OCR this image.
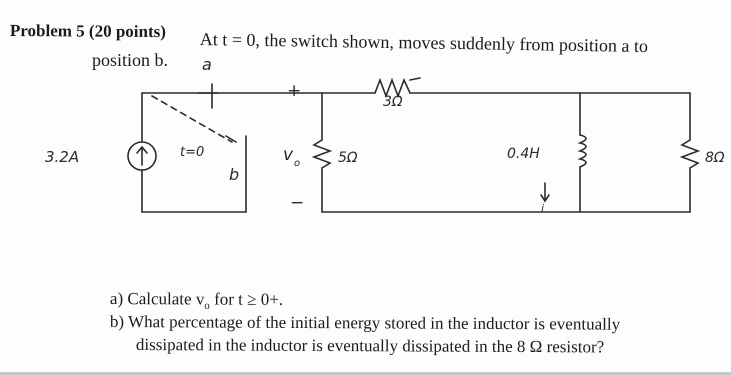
Problem 5 (20 points) At t = 0, the switch shown, moves suddenly from position a to
position b. a
b
3.2A	t=0
+
−
v o
3Ω
5Ω	0.4H
i
8Ω
a) Calculate $v_o$ for t ≥ 0+.
b) What percentage of the initial energy stored in the inductor is eventually
dissipated in the inductor is eventually dissipated in the 8 Ω resistor?
